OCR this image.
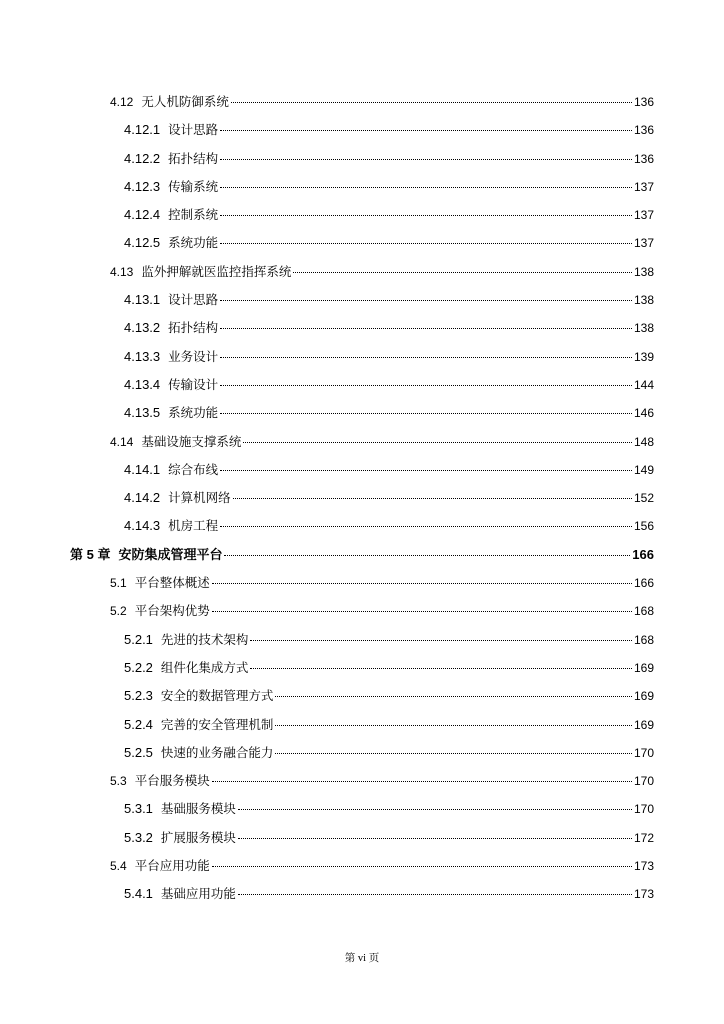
4.12 无人机防御系统	136
4.12.1 设计思路	136
4.12.2 拓扑结构	136
4.12.3 传输系统	137
4.12.4 控制系统	137
4.12.5 系统功能	137
4.13 监外押解就医监控指挥系统	138
4.13.1 设计思路	138
4.13.2 拓扑结构	138
4.13.3 业务设计	139
4.13.4 传输设计	144
4.13.5 系统功能	146
4.14 基础设施支撑系统	148
4.14.1 综合布线	149
4.14.2 计算机网络	152
4.14.3 机房工程	156
第 5 章 安防集成管理平台	166
5.1 平台整体概述	166
5.2 平台架构优势	168
5.2.1 先进的技术架构	168
5.2.2 组件化集成方式	169
5.2.3 安全的数据管理方式	169
5.2.4 完善的安全管理机制	169
5.2.5 快速的业务融合能力	170
5.3 平台服务模块	170
5.3.1 基础服务模块	170
5.3.2 扩展服务模块	172
5.4 平台应用功能	173
5.4.1 基础应用功能	173
第 vi 页
